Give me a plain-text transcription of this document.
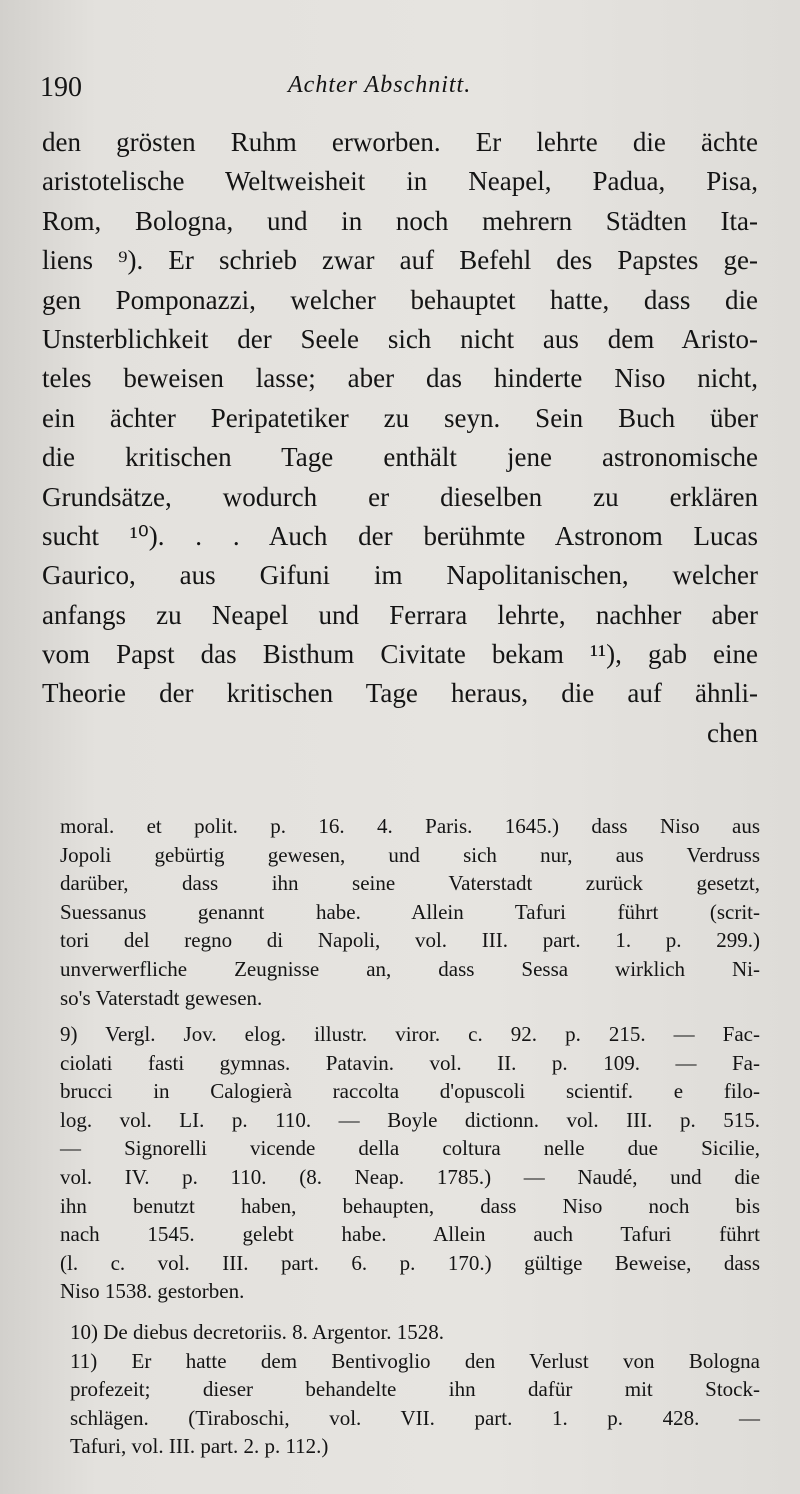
190	Achter Abschnitt.
den grösten Ruhm erworben. Er lehrte die ächte
aristotelische Weltweisheit in Neapel, Padua, Pisa,
Rom, Bologna, und in noch mehrern Städten Ita-
liens ⁹). Er schrieb zwar auf Befehl des Papstes ge-
gen Pomponazzi, welcher behauptet hatte, dass die
Unsterblichkeit der Seele sich nicht aus dem Aristo-
teles beweisen lasse; aber das hinderte Niso nicht,
ein ächter Peripatetiker zu seyn. Sein Buch über
die kritischen Tage enthält jene astronomische
Grundsätze, wodurch er dieselben zu erklären
sucht ¹⁰). . . Auch der berühmte Astronom Lucas
Gaurico, aus Gifuni im Napolitanischen, welcher
anfangs zu Neapel und Ferrara lehrte, nachher aber
vom Papst das Bisthum Civitate bekam ¹¹), gab eine
Theorie der kritischen Tage heraus, die auf ähnli-
chen
moral. et polit. p. 16. 4. Paris. 1645.) dass Niso aus
Jopoli gebürtig gewesen, und sich nur, aus Verdruss
darüber, dass ihn seine Vaterstadt zurück gesetzt,
Suessanus genannt habe. Allein Tafuri führt (scrit-
tori del regno di Napoli, vol. III. part. 1. p. 299.)
unverwerfliche Zeugnisse an, dass Sessa wirklich Ni-
so's Vaterstadt gewesen.
9) Vergl. Jov. elog. illustr. viror. c. 92. p. 215. — Fac-
ciolati fasti gymnas. Patavin. vol. II. p. 109. — Fa-
brucci in Calogierà raccolta d'opuscoli scientif. e filo-
log. vol. LI. p. 110. — Boyle dictionn. vol. III. p. 515.
— Signorelli vicende della coltura nelle due Sicilie,
vol. IV. p. 110. (8. Neap. 1785.) — Naudé, und die
ihn benutzt haben, behaupten, dass Niso noch bis
nach 1545. gelebt habe. Allein auch Tafuri führt
(l. c. vol. III. part. 6. p. 170.) gültige Beweise, dass
Niso 1538. gestorben.
10) De diebus decretoriis. 8. Argentor. 1528.
11) Er hatte dem Bentivoglio den Verlust von Bologna
profezeit; dieser behandelte ihn dafür mit Stock-
schlägen. (Tiraboschi, vol. VII. part. 1. p. 428. —
Tafuri, vol. III. part. 2. p. 112.)
